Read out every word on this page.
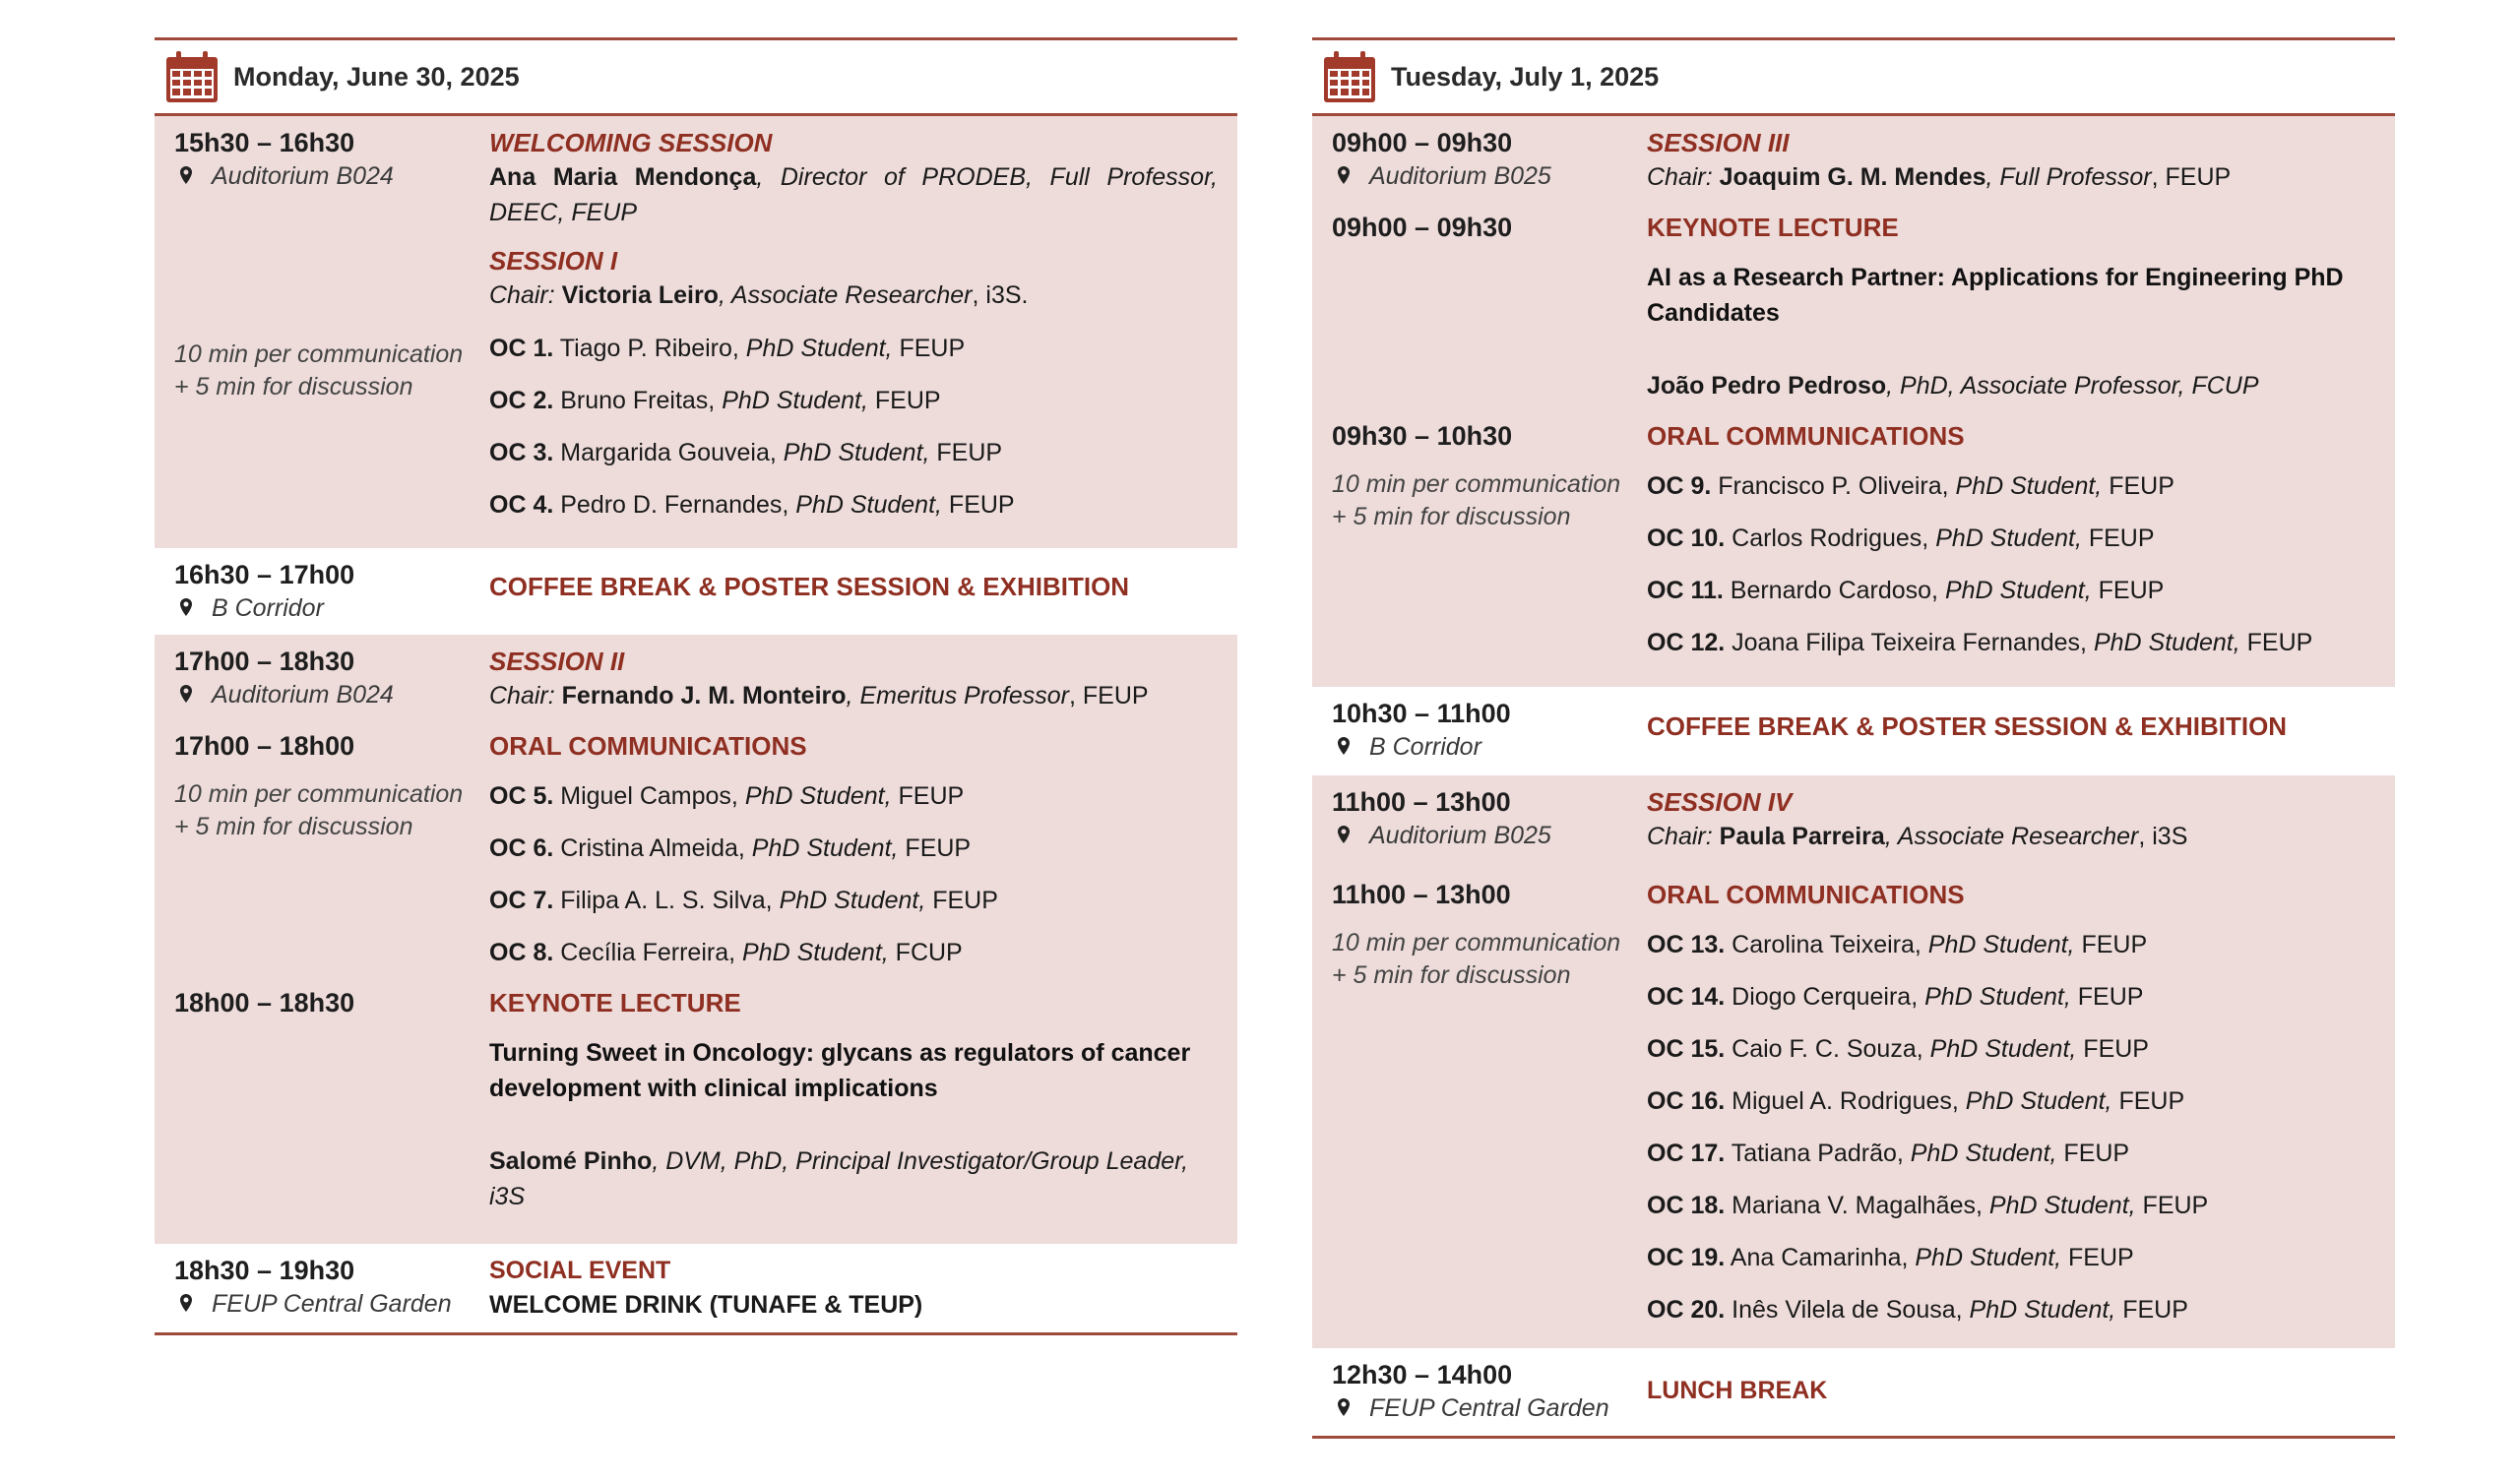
Monday, June 30, 2025
15h30 – 16h30
Auditorium B024
10 min per communication
+ 5 min for discussion
WELCOMING SESSION
Ana Maria Mendonça, Director of PRODEB, Full Professor, DEEC, FEUP
SESSION I
Chair: Victoria Leiro, Associate Researcher, i3S.
OC 1. Tiago P. Ribeiro, PhD Student, FEUP
OC 2. Bruno Freitas, PhD Student, FEUP
OC 3. Margarida Gouveia, PhD Student, FEUP
OC 4. Pedro D. Fernandes, PhD Student, FEUP
16h30 – 17h00
B Corridor
COFFEE BREAK & POSTER SESSION & EXHIBITION
17h00 – 18h30
Auditorium B024
SESSION II
Chair: Fernando J. M. Monteiro, Emeritus Professor, FEUP
17h00 – 18h00
10 min per communication
+ 5 min for discussion
ORAL COMMUNICATIONS
OC 5. Miguel Campos, PhD Student, FEUP
OC 6. Cristina Almeida, PhD Student, FEUP
OC 7. Filipa A. L. S. Silva, PhD Student, FEUP
OC 8. Cecília Ferreira, PhD Student, FCUP
18h00 – 18h30	KEYNOTE LECTURE
Turning Sweet in Oncology: glycans as regulators of cancer development with clinical implications
Salomé Pinho, DVM, PhD, Principal Investigator/Group Leader, i3S
18h30 – 19h30
FEUP Central Garden
SOCIAL EVENT
WELCOME DRINK (TUNAFE & TEUP)
Tuesday, July 1, 2025
09h00 – 09h30
Auditorium B025
SESSION III
Chair: Joaquim G. M. Mendes, Full Professor, FEUP
09h00 – 09h30	KEYNOTE LECTURE
AI as a Research Partner: Applications for Engineering PhD Candidates
João Pedro Pedroso, PhD, Associate Professor, FCUP
09h30 – 10h30
10 min per communication
+ 5 min for discussion
ORAL COMMUNICATIONS
OC 9. Francisco P. Oliveira, PhD Student, FEUP
OC 10. Carlos Rodrigues, PhD Student, FEUP
OC 11. Bernardo Cardoso, PhD Student, FEUP
OC 12. Joana Filipa Teixeira Fernandes, PhD Student, FEUP
10h30 – 11h00
B Corridor
COFFEE BREAK & POSTER SESSION & EXHIBITION
11h00 – 13h00
Auditorium B025
SESSION IV
Chair: Paula Parreira, Associate Researcher, i3S
11h00 – 13h00
10 min per communication
+ 5 min for discussion
ORAL COMMUNICATIONS
OC 13. Carolina Teixeira, PhD Student, FEUP
OC 14. Diogo Cerqueira, PhD Student, FEUP
OC 15. Caio F. C. Souza, PhD Student, FEUP
OC 16. Miguel A. Rodrigues, PhD Student, FEUP
OC 17. Tatiana Padrão, PhD Student, FEUP
OC 18. Mariana V. Magalhães, PhD Student, FEUP
OC 19. Ana Camarinha, PhD Student, FEUP
OC 20. Inês Vilela de Sousa, PhD Student, FEUP
12h30 – 14h00
FEUP Central Garden
LUNCH BREAK
